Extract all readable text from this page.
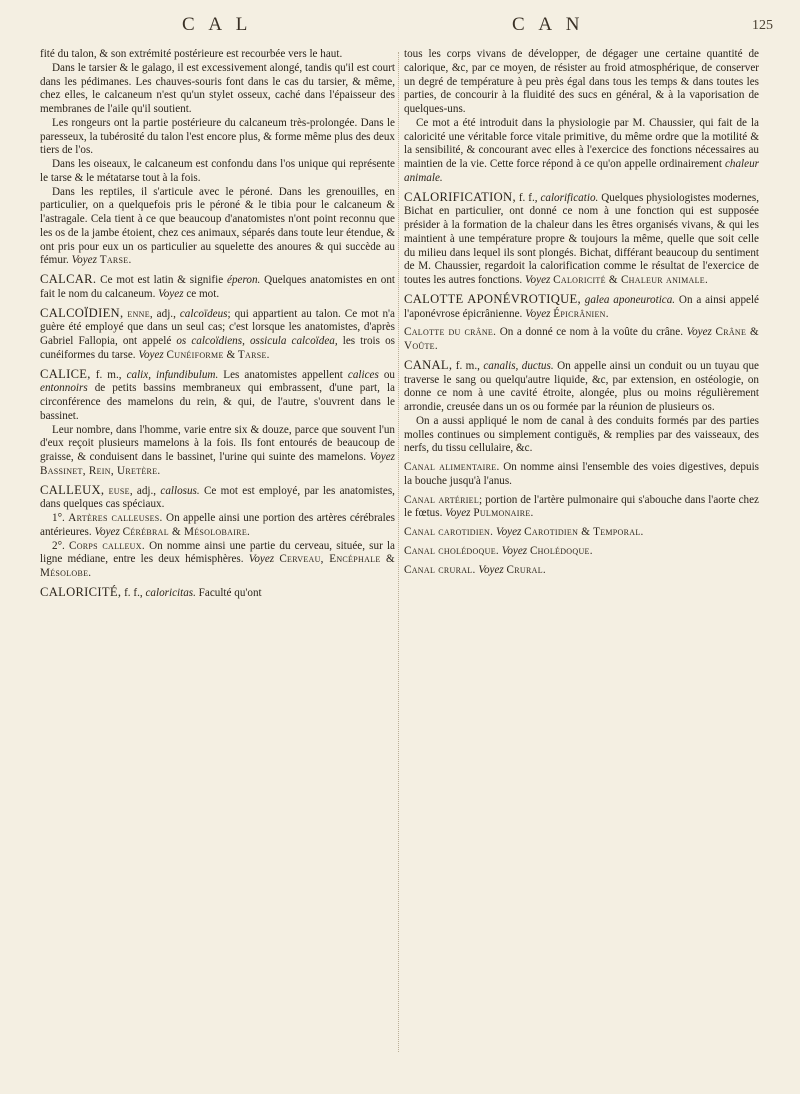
C A L	C A N	125

fité du talon, & son extrémité postérieure est recourbée vers le haut.

Dans le tarsier & le galago, il est excessivement alongé, tandis qu'il est court dans les pédimanes. Les chauves-souris font dans le cas du tarsier, & même, chez elles, le calcaneum n'est qu'un stylet osseux, caché dans l'épaisseur des membranes de l'aile qu'il soutient.

Les rongeurs ont la partie postérieure du calcaneum très-prolongée. Dans le paresseux, la tubérosité du talon l'est encore plus, & forme même plus des deux tiers de l'os.

Dans les oiseaux, le calcaneum est confondu dans l'os unique qui représente le tarse & le métatarse tout à la fois.

Dans les reptiles, il s'articule avec le péroné. Dans les grenouilles, en particulier, on a quelquefois pris le péroné & le tibia pour le calcaneum & l'astragale. Cela tient à ce que beaucoup d'anatomistes n'ont point reconnu que les os de la jambe étoient, chez ces animaux, séparés dans toute leur étendue, & ont pris pour eux un os particulier au squelette des anoures & qui succède au fémur. Voyez Tarse.

CALCAR. Ce mot est latin & signifie éperon. Quelques anatomistes en ont fait le nom du calcaneum. Voyez ce mot.

CALCOÏDIEN, enne, adj., calcoïdeus; qui appartient au talon. Ce mot n'a guère été employé que dans un seul cas; c'est lorsque les anatomistes, d'après Gabriel Fallopia, ont appelé os calcoïdiens, ossicula calcoïdea, les trois os cunéiformes du tarse. Voyez Cunéiforme & Tarse.

CALICE, f. m., calix, infundibulum. Les anatomistes appellent calices ou entonnoirs de petits bassins membraneux qui embrassent, d'une part, la circonférence des mamelons du rein, & qui, de l'autre, s'ouvrent dans le bassinet.

Leur nombre, dans l'homme, varie entre six & douze, parce que souvent l'un d'eux reçoit plusieurs mamelons à la fois. Ils font entourés de beaucoup de graisse, & conduisent dans le bassinet, l'urine qui suinte des mamelons. Voyez Bassinet, Rein, Uretère.

CALLEUX, euse, adj., callosus. Ce mot est employé, par les anatomistes, dans quelques cas spéciaux.

1°. Artères calleuses. On appelle ainsi une portion des artères cérébrales antérieures. Voyez Cérébral & Mésolobaire.

2°. Corps calleux. On nomme ainsi une partie du cerveau, située, sur la ligne médiane, entre les deux hémisphères. Voyez Cerveau, Encéphale & Mésolobe.

CALORICITÉ, f. f., caloricitas. Faculté qu'ont

tous les corps vivans de développer, de dégager une certaine quantité de calorique, &c, par ce moyen, de résister au froid atmosphérique, de conserver un degré de température à peu près égal dans tous les temps & dans toutes les parties, de concourir à la fluidité des sucs en général, & à la vaporisation de quelques-uns.

Ce mot a été introduit dans la physiologie par M. Chaussier, qui fait de la caloricité une véritable force vitale primitive, du même ordre que la motilité & la sensibilité, & concourant avec elles à l'exercice des fonctions nécessaires au maintien de la vie. Cette force répond à ce qu'on appelle ordinairement chaleur animale.

CALORIFICATION, f. f., calorificatio. Quelques physiologistes modernes, Bichat en particulier, ont donné ce nom à une fonction qui est supposée présider à la formation de la chaleur dans les êtres organisés vivans, & qui les maintient à une température propre & toujours la même, quelle que soit celle du milieu dans lequel ils sont plongés. Bichat, différant beaucoup du sentiment de M. Chaussier, regardoit la calorification comme le résultat de l'exercice de toutes les autres fonctions. Voyez Caloricité & Chaleur animale.

CALOTTE APONÉVROTIQUE, galea aponeurotica. On a ainsi appelé l'aponévrose épicrânienne. Voyez Épicrânien.

Calotte du crâne. On a donné ce nom à la voûte du crâne. Voyez Crâne & Voûte.

CANAL, f. m., canalis, ductus. On appelle ainsi un conduit ou un tuyau que traverse le sang ou quelqu'autre liquide, &c, par extension, en ostéologie, on donne ce nom à une cavité étroite, alongée, plus ou moins régulièrement arrondie, creusée dans un os ou formée par la réunion de plusieurs os.

On a aussi appliqué le nom de canal à des conduits formés par des parties molles continues ou simplement contiguës, & remplies par des vaisseaux, des nerfs, du tissu cellulaire, &c.

Canal alimentaire. On nomme ainsi l'ensemble des voies digestives, depuis la bouche jusqu'à l'anus.

Canal artériel; portion de l'artère pulmonaire qui s'abouche dans l'aorte chez le fœtus. Voyez Pulmonaire.

Canal carotidien. Voyez Carotidien & Temporal.

Canal cholédoque. Voyez Cholédoque.

Canal crural. Voyez Crural.
